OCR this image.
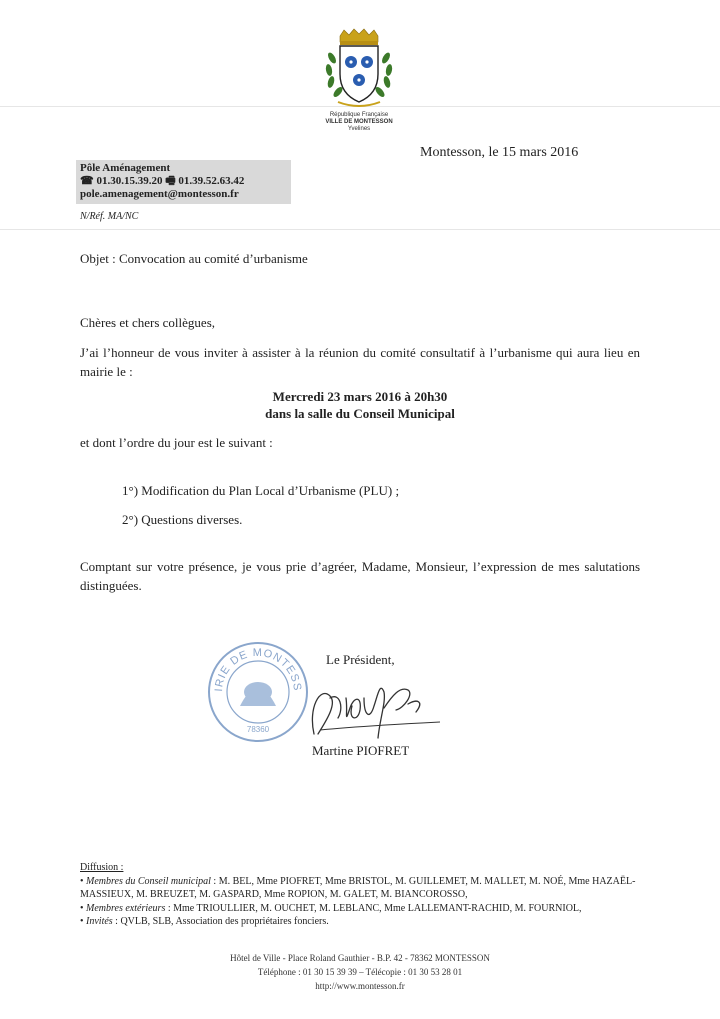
République Française
VILLE DE MONTESSON
Yvelines
Montesson, le 15 mars 2016
Pôle Aménagement
☎ 01.30.15.39.20 🖷 01.39.52.63.42
pole.amenagement@montesson.fr
N/Réf. MA/NC
Objet : Convocation au comité d’urbanisme
Chères et chers collègues,
J’ai l’honneur de vous inviter à assister à la réunion du comité consultatif à l’urbanisme qui aura lieu en mairie le :
Mercredi 23 mars 2016 à 20h30
dans la salle du Conseil Municipal
et dont l’ordre du jour est le suivant :
1°) Modification du Plan Local d’Urbanisme (PLU) ;
2°) Questions diverses.
Comptant sur votre présence, je vous prie d’agréer, Madame, Monsieur, l’expression de mes salutations distinguées.
IRIE DE MONTESS
78360
Le Président,
Martine PIOFRET
Diffusion :
• Membres du Conseil municipal : M. BEL, Mme PIOFRET, Mme BRISTOL, M. GUILLEMET, M. MALLET, M. NOÉ, Mme HAZAËL-MASSIEUX, M. BREUZET, M. GASPARD, Mme ROPION, M. GALET, M. BIANCOROSSO,
• Membres extérieurs : Mme TRIOULLIER, M. OUCHET, M. LEBLANC, Mme LALLEMANT-RACHID, M. FOURNIOL,
• Invités : QVLB, SLB, Association des propriétaires fonciers.
Hôtel de Ville - Place Roland Gauthier - B.P. 42 - 78362 MONTESSON
Téléphone : 01 30 15 39 39 – Télécopie : 01 30 53 28 01
http://www.montesson.fr
